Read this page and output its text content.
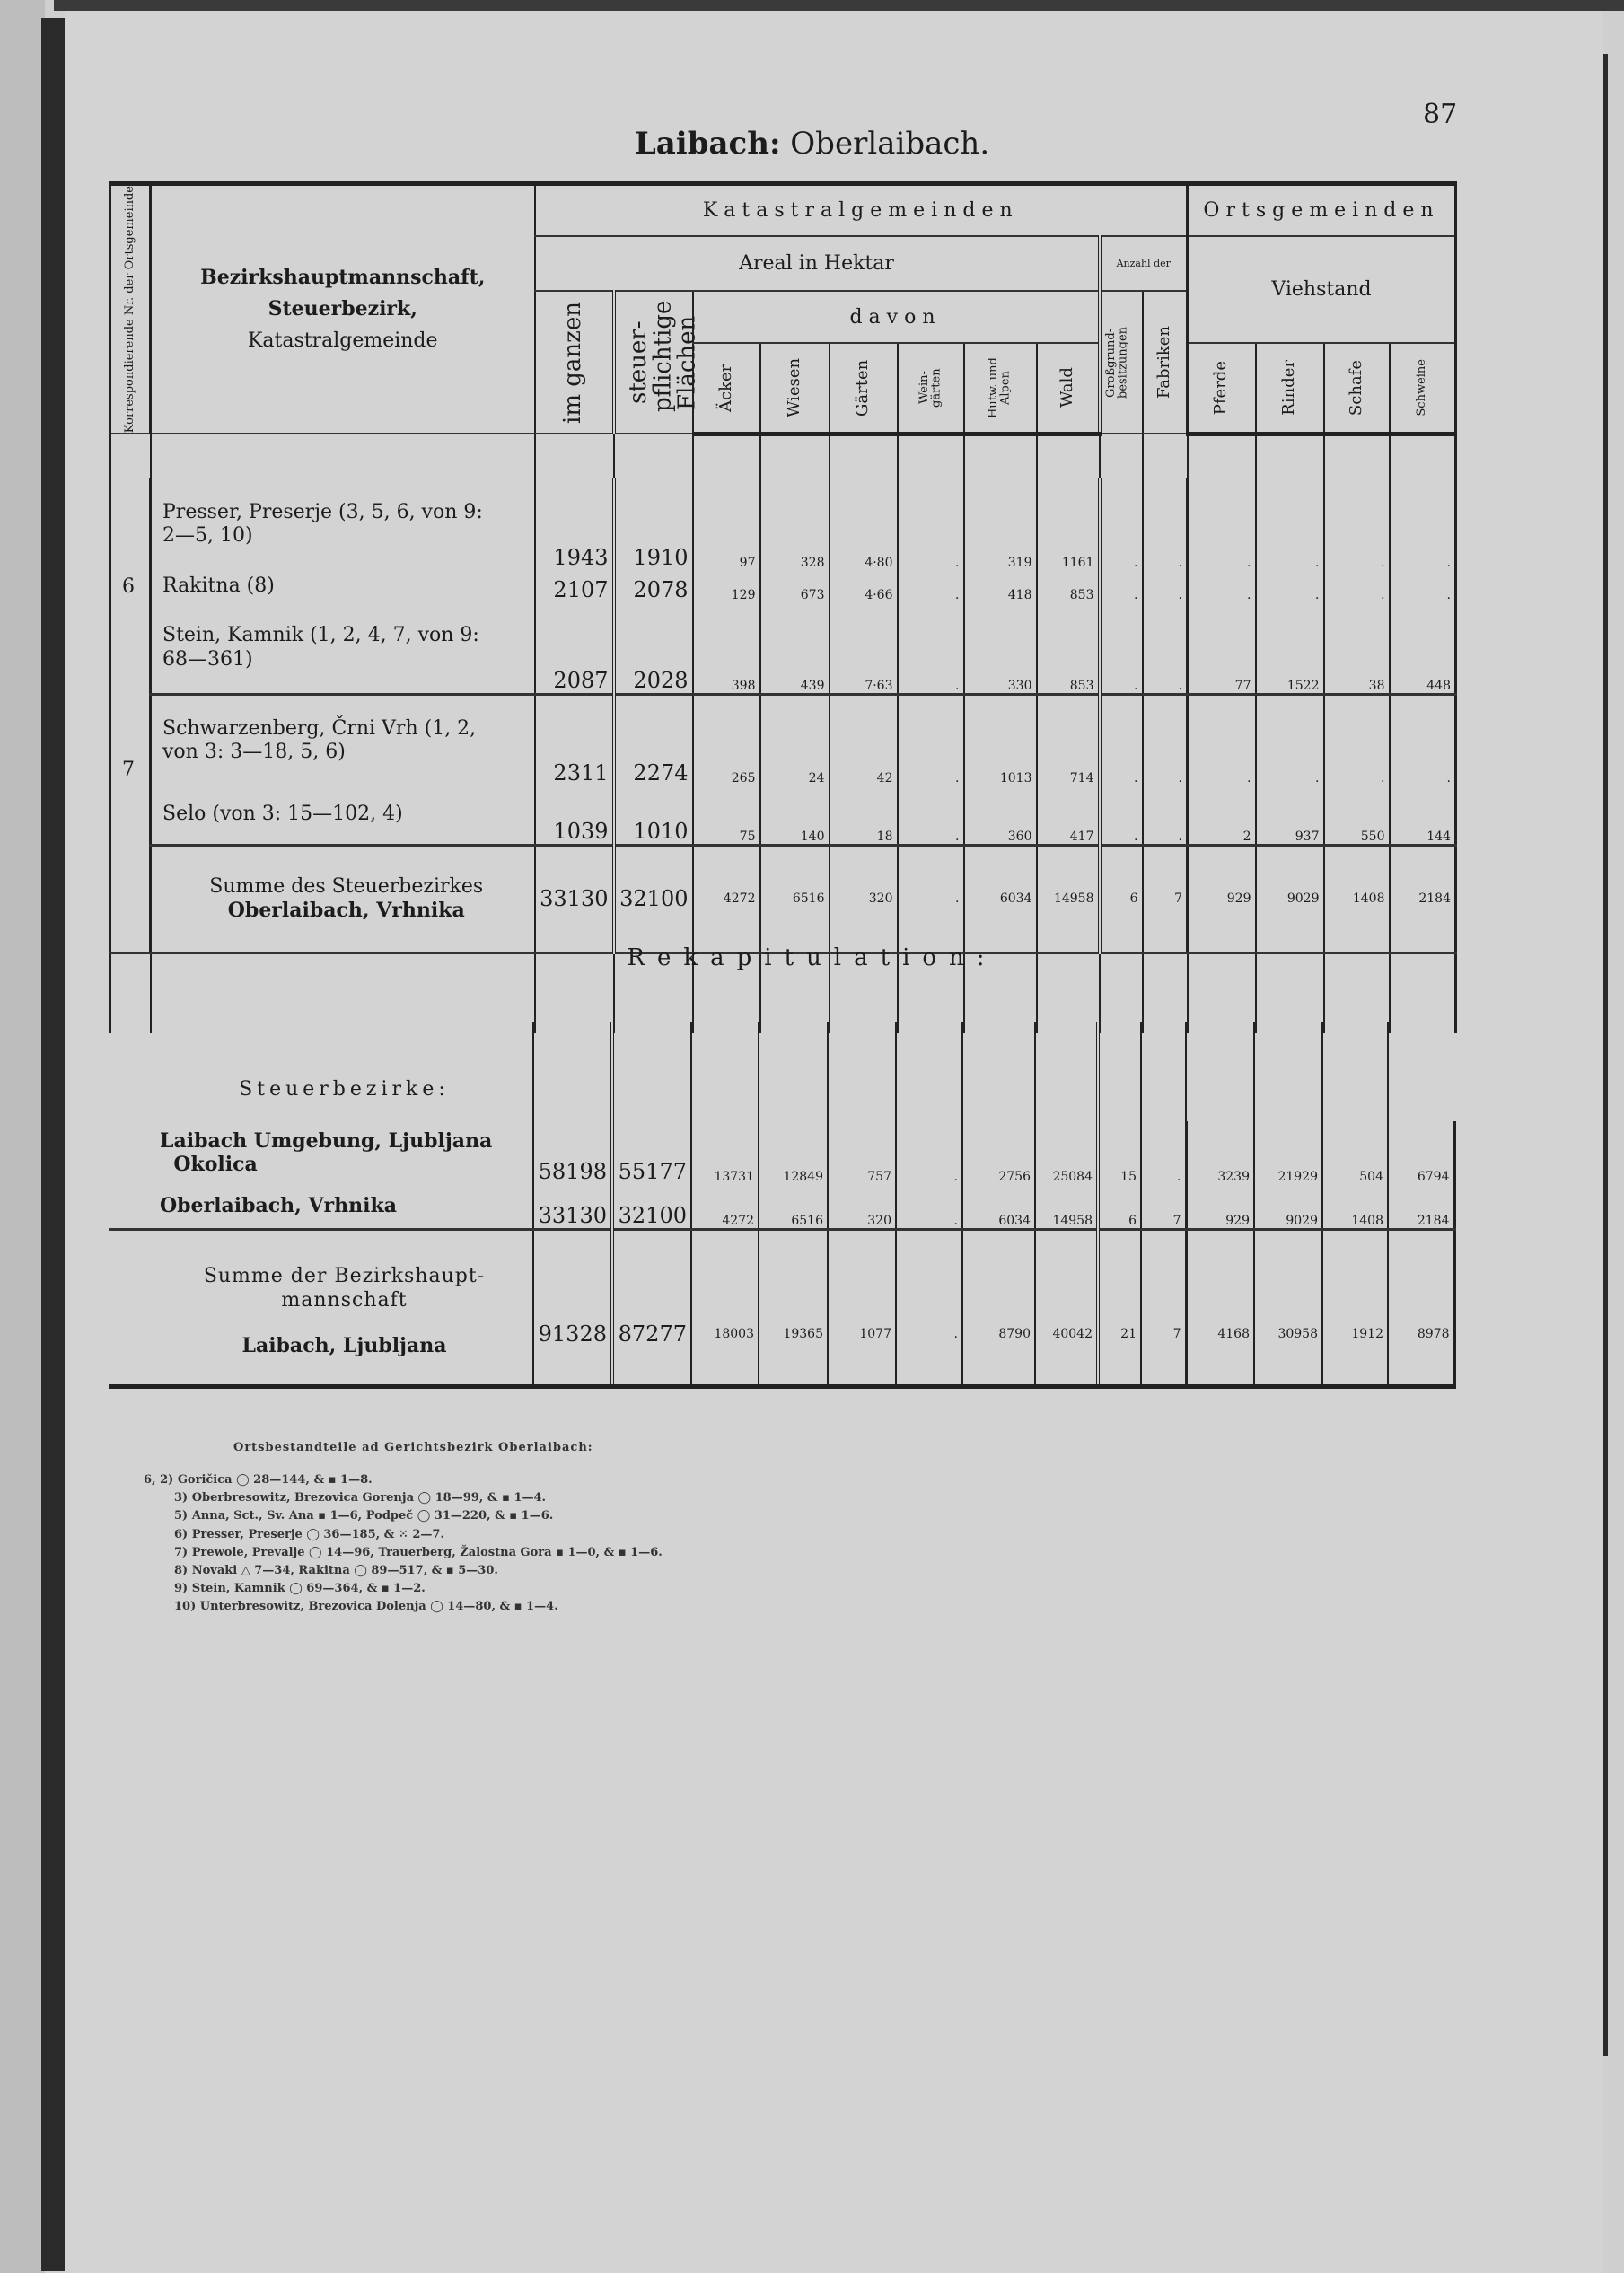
Laibach: Oberlaibach.
87
Korrespondierende Nr. der Ortsgemeinde	Bezirkshauptmannschaft,
Steuerbezirk,
Katastralgemeinde	Katastralgemeinden										Ortsgemeinden			
		Areal in Hektar								Anzahl der		Viehstand			

		im ganzen	steuer- pflichtige Flächen	davon						Großgrund- besitzungen	Fabriken				

				Äcker	Wiesen	Gärten	Wein- gärten	Hutw. und Alpen	Wald			Pferde	Rinder	Schafe	Schweine

6	Presser, Preserje (3, 5, 6, von 9:
2—5, 10)	1943	1910	97	328	4·80	.	319	1161	.	.	.	.	.	.
	Rakitna (8)	2107	2078	129	673	4·66	.	418	853	.	.	.	.	.	.
	Stein, Kamnik (1, 2, 4, 7, von 9:
68—361)	2087	2028	398	439	7·63	.	330	853	.	.	77	1522	38	448
7	Schwarzenberg, Črni Vrh (1, 2,
von 3: 3—18, 5, 6)	2311	2274	265	24	42	.	1013	714	.	.	.	.	.	.
	Selo (von 3: 15—102, 4)	1039	1010	75	140	18	.	360	417	.	.	2	937	550	144

	Summe des Steuerbezirkes
Oberlaibach, Vrhnika	33130	32100	4272	6516	320	.	6034	14958	6	7	929	9029	1408	2184

Rekapitulation:

	Steuerbezirke:														

	Laibach Umgebung, Ljubljana
Okolica	58198	55177	13731	12849	757	.	2756	25084	15	.	3239	21929	504	6794

	Oberlaibach, Vrhnika	33130	32100	4272	6516	320	.	6034	14958	6	7	929	9029	1408	2184

	Summe der Bezirkshaupt-
mannschaft
Laibach, Ljubljana	91328	87277	18003	19365	1077	.	8790	40042	21	7	4168	30958	1912	8978
Ortsbestandteile ad Gerichtsbezirk Oberlaibach:
6, 2) Goričica ◯ 28—144, & ▪ 1—8.
3) Oberbresowitz, Brezovica Gorenja ◯ 18—99, & ▪ 1—4.
5) Anna, Sct., Sv. Ana ▪ 1—6, Podpeč ◯ 31—220, & ▪ 1—6.
6) Presser, Preserje ◯ 36—185, & ⁙ 2—7.
7) Prewole, Prevalje ◯ 14—96, Trauerberg, Žalostna Gora ▪ 1—0, & ▪ 1—6.
8) Novaki △ 7—34, Rakitna ◯ 89—517, & ▪ 5—30.
9) Stein, Kamnik ◯ 69—364, & ▪ 1—2.
10) Unterbresowitz, Brezovica Dolenja ◯ 14—80, & ▪ 1—4.
